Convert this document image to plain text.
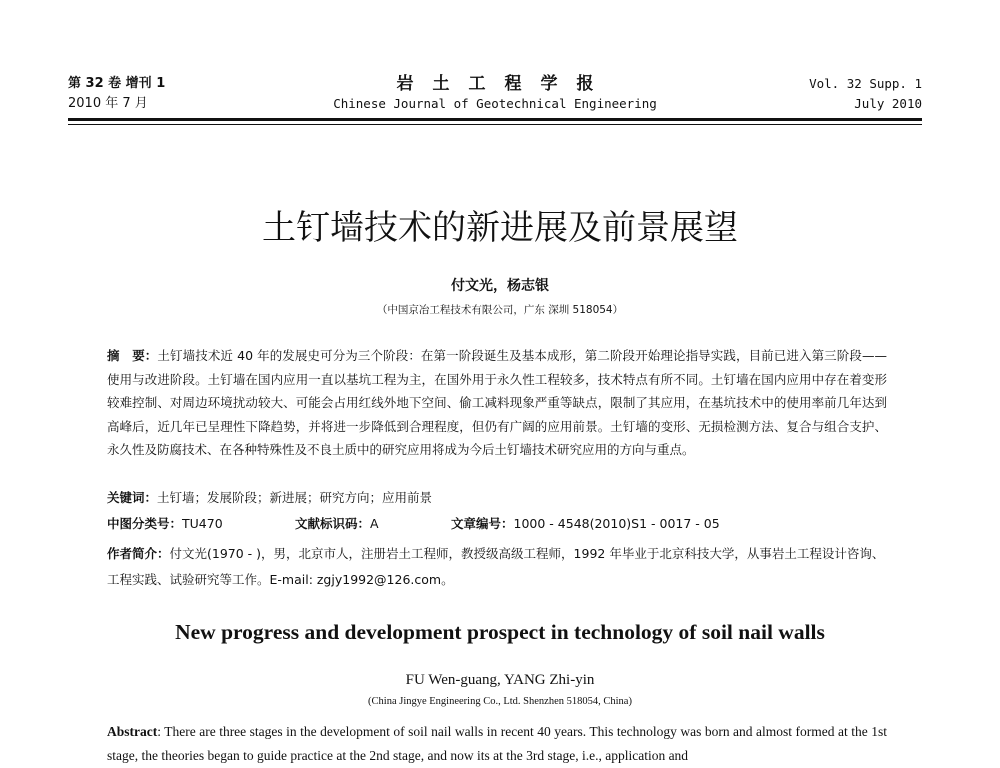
第 32 卷 增刊 1
2010 年 7 月
岩土工程学报
Chinese Journal of Geotechnical Engineering
Vol. 32 Supp. 1
July 2010
土钉墙技术的新进展及前景展望
付文光，杨志银
（中国京冶工程技术有限公司，广东 深圳 518054）
摘　要：土钉墙技术近 40 年的发展史可分为三个阶段：在第一阶段诞生及基本成形，第二阶段开始理论指导实践，目前已进入第三阶段——使用与改进阶段。土钉墙在国内应用一直以基坑工程为主，在国外用于永久性工程较多，技术特点有所不同。土钉墙在国内应用中存在着变形较难控制、对周边环境扰动较大、可能会占用红线外地下空间、偷工减料现象严重等缺点，限制了其应用，在基坑技术中的使用率前几年达到高峰后，近几年已呈理性下降趋势，并将进一步降低到合理程度，但仍有广阔的应用前景。土钉墙的变形、无损检测方法、复合与组合支护、永久性及防腐技术、在各种特殊性及不良土质中的研究应用将成为今后土钉墙技术研究应用的方向与重点。
关键词：土钉墙；发展阶段；新进展；研究方向；应用前景
中图分类号：TU470	文献标识码：A	文章编号：1000 - 4548(2010)S1 - 0017 - 05
作者简介：付文光(1970 - )，男，北京市人，注册岩土工程师，教授级高级工程师，1992 年毕业于北京科技大学，从事岩土工程设计咨询、工程实践、试验研究等工作。E-mail: zgjy1992@126.com。
New progress and development prospect in technology of soil nail walls
FU Wen-guang, YANG Zhi-yin
(China Jingye Engineering Co., Ltd. Shenzhen 518054, China)
Abstract: There are three stages in the development of soil nail walls in recent 40 years. This technology was born and almost formed at the 1st stage, the theories began to guide practice at the 2nd stage, and now its at the 3rd stage, i.e., application and
